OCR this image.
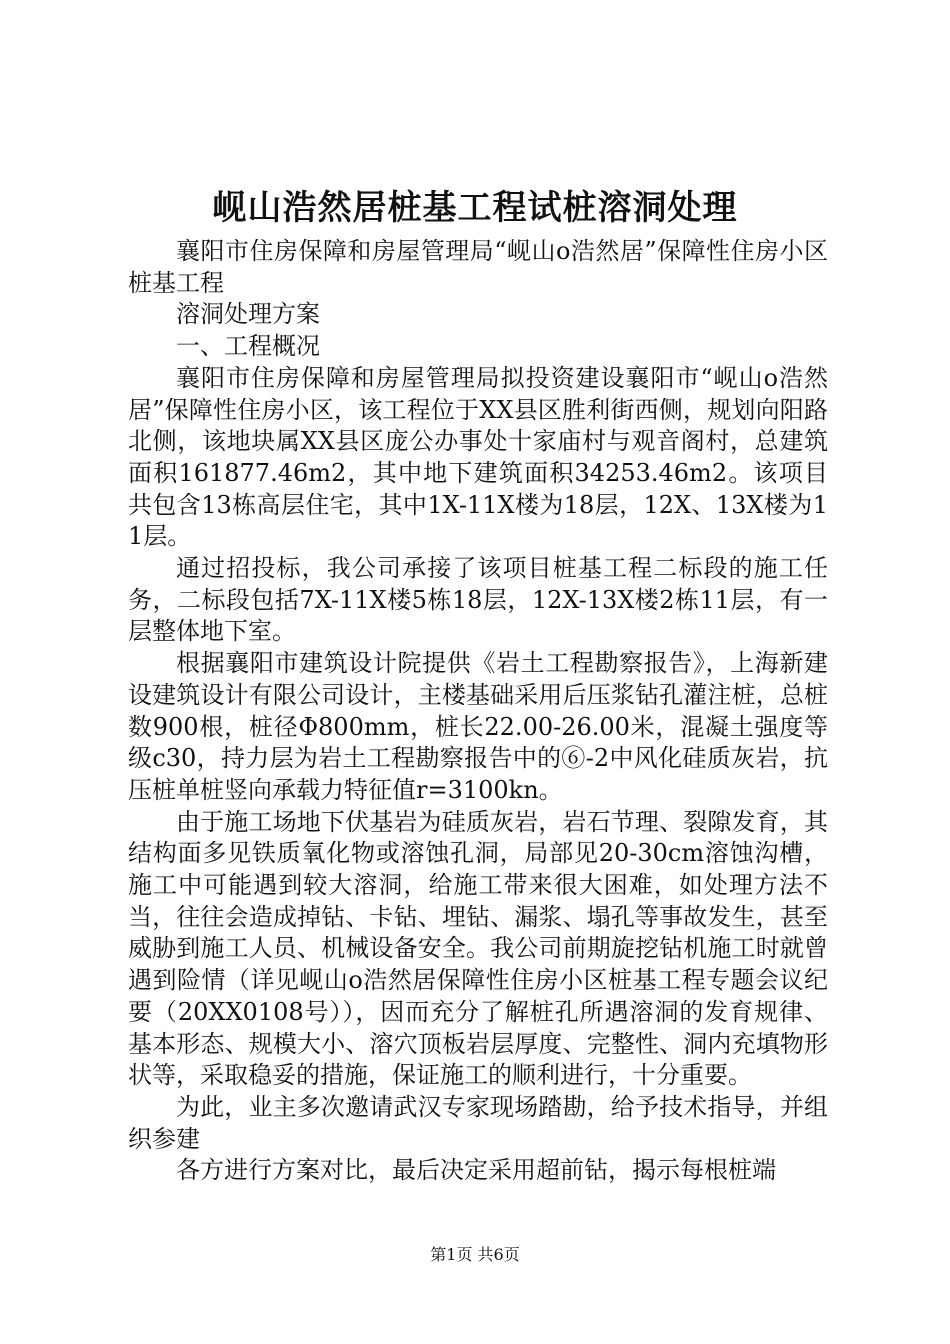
岘山浩然居桩基工程试桩溶洞处理

襄阳市住房保障和房屋管理局“岘山o浩然居”保障性住房小区桩基工程

溶洞处理方案

一、工程概况

襄阳市住房保障和房屋管理局拟投资建设襄阳市“岘山o浩然居”保障性住房小区，该工程位于XX县区胜利街西侧，规划向阳路北侧，该地块属XX县区庞公办事处十家庙村与观音阁村，总建筑面积161877.46m2，其中地下建筑面积34253.46m2。该项目共包含13栋高层住宅，其中1X-11X楼为18层，12X、13X楼为11层。

通过招投标，我公司承接了该项目桩基工程二标段的施工任务，二标段包括7X-11X楼5栋18层，12X-13X楼2栋11层，有一层整体地下室。

根据襄阳市建筑设计院提供《岩土工程勘察报告》，上海新建设建筑设计有限公司设计，主楼基础采用后压浆钻孔灌注桩，总桩数900根，桩径Φ800mm，桩长22.00-26.00米，混凝土强度等级c30，持力层为岩土工程勘察报告中的⑥-2中风化硅质灰岩，抗压桩单桩竖向承载力特征值r=3100kn。

由于施工场地下伏基岩为硅质灰岩，岩石节理、裂隙发育，其结构面多见铁质氧化物或溶蚀孔洞，局部见20-30cm溶蚀沟槽，施工中可能遇到较大溶洞，给施工带来很大困难，如处理方法不当，往往会造成掉钻、卡钻、埋钻、漏浆、塌孔等事故发生，甚至威胁到施工人员、机械设备安全。我公司前期旋挖钻机施工时就曾遇到险情（详见岘山o浩然居保障性住房小区桩基工程专题会议纪要（20XX0108号）），因而充分了解桩孔所遇溶洞的发育规律、基本形态、规模大小、溶穴顶板岩层厚度、完整性、洞内充填物形状等，采取稳妥的措施，保证施工的顺利进行，十分重要。

为此，业主多次邀请武汉专家现场踏勘，给予技术指导，并组织参建

各方进行方案对比，最后决定采用超前钻，揭示每根桩端

第1页 共6页
